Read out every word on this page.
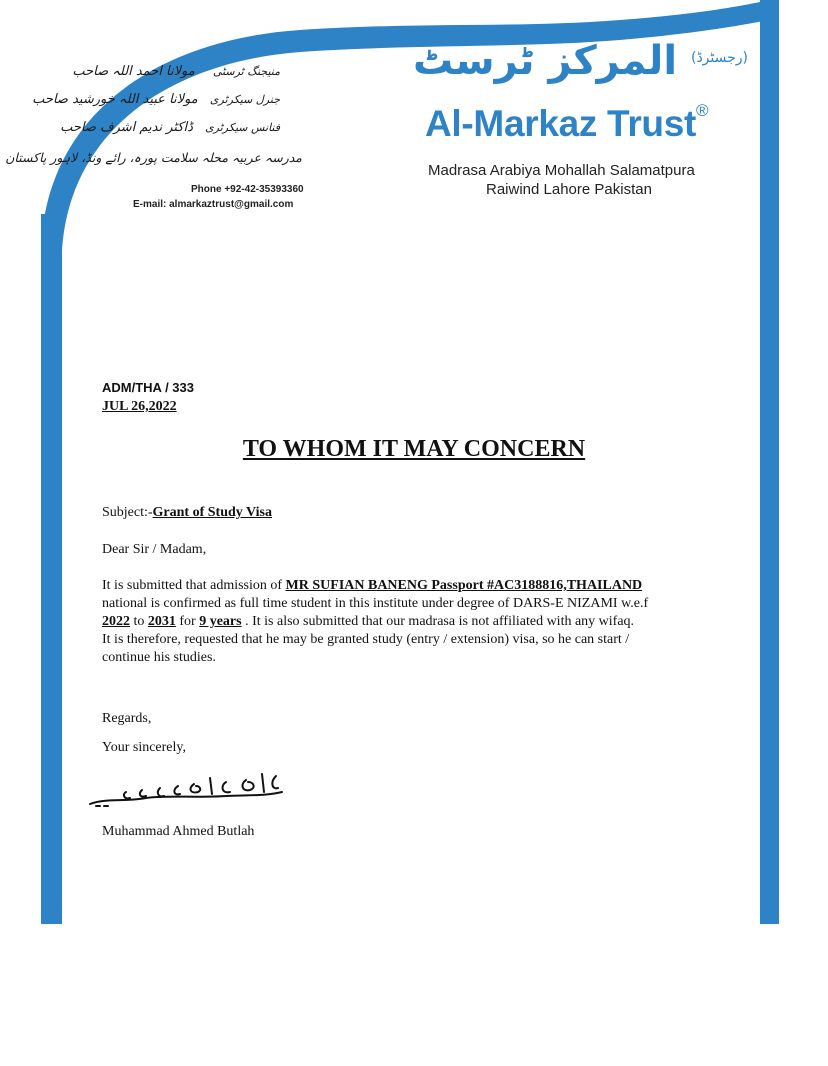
$^{(رجسٹرڈ)}$ المرکز ٹرسٹ
Al-Markaz Trust®
Madrasa Arabiya Mohallah Salamatpura
Raiwind Lahore Pakistan
منیجنگ ٹرسٹی مولانا احمد اللہ صاحب
جنرل سیکرٹری مولانا عبید اللہ خورشید صاحب
فنانس سیکرٹری ڈاکٹر ندیم اشرف صاحب
مدرسہ عربیہ محلہ سلامت پورہ، رائے ونڈ، لاہور پاکستان
Phone +92-42-35393360
E-mail: almarkaztrust@gmail.com
ADM/THA / 333
JUL 26,2022
TO WHOM IT MAY CONCERN
Subject:-Grant of Study Visa
Dear Sir / Madam,
It is submitted that admission of MR SUFIAN BANENG Passport #AC3188816,THAILAND
national is confirmed as full time student in this institute under degree of DARS-E NIZAMI w.e.f
2022 to 2031 for 9 years . It is also submitted that our madrasa is not affiliated with any wifaq.
It is therefore, requested that he may be granted study (entry / extension) visa, so he can start /
continue his studies.
Regards,
Your sincerely,
Muhammad Ahmed Butlah
